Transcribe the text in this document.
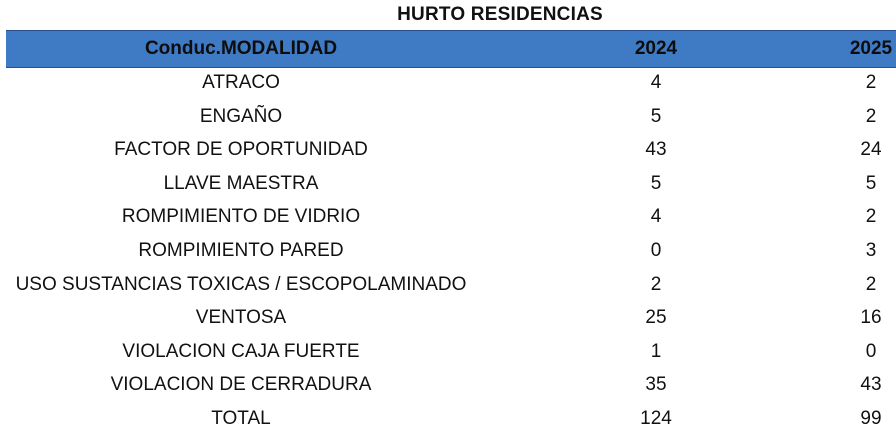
HURTO RESIDENCIAS
Conduc.MODALIDAD	2024	2025
ATRACO	4	2
ENGAÑO	5	2
FACTOR DE OPORTUNIDAD	43	24
LLAVE MAESTRA	5	5
ROMPIMIENTO DE VIDRIO	4	2
ROMPIMIENTO PARED	0	3
USO SUSTANCIAS TOXICAS / ESCOPOLAMINADO	2	2
VENTOSA	25	16
VIOLACION CAJA FUERTE	1	0
VIOLACION DE CERRADURA	35	43
TOTAL	124	99
